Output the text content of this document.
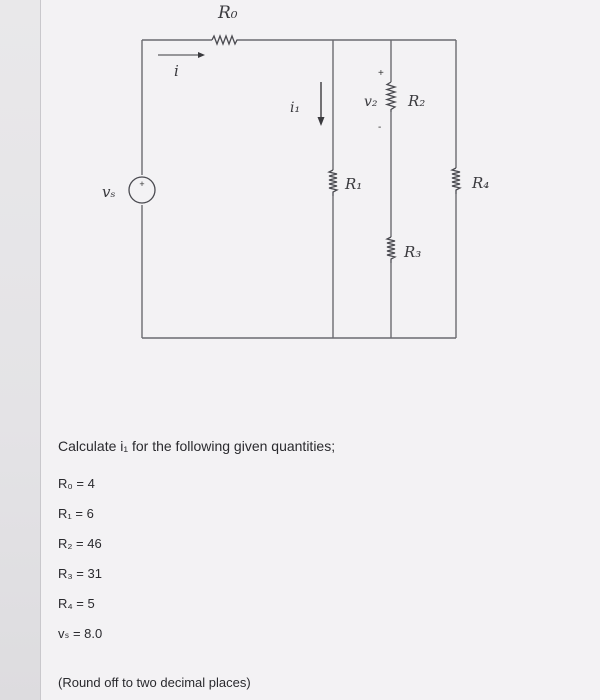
+
R₀
i
i₁
+
v₂
-
R₂
vₛ	R₁	R₄
R₃

Calculate i₁ for the following given quantities;

R₀ = 4

R₁ = 6

R₂ = 46

R₃ = 31

R₄ = 5

vₛ = 8.0

(Round off to two decimal places)
